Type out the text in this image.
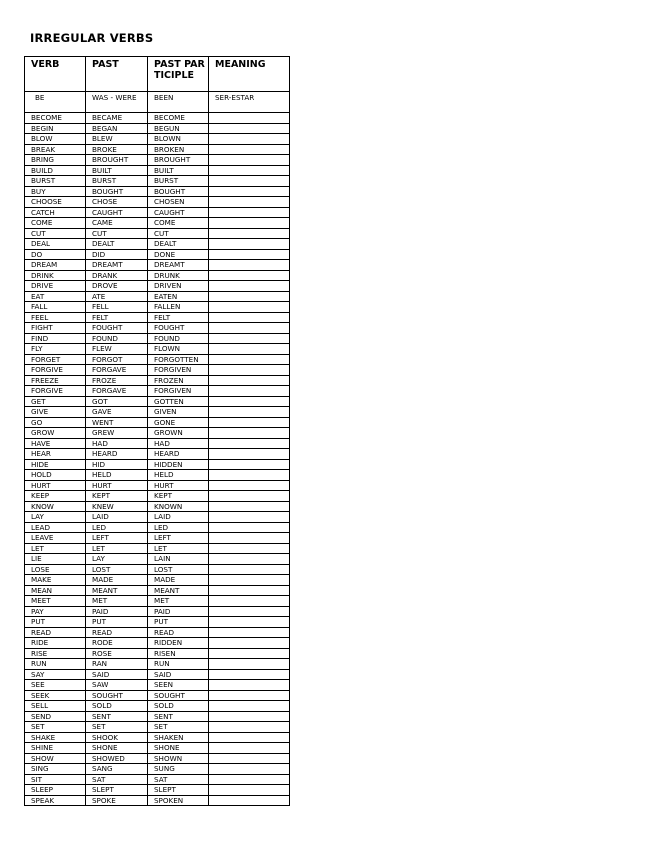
IRREGULAR VERBS
VERB	PAST	PAST PARTICIPLE	MEANING
BE	WAS - WERE	BEEN	SER-ESTAR
BECOME	BECAME	BECOME	
BEGIN	BEGAN	BEGUN	
BLOW	BLEW	BLOWN	
BREAK	BROKE	BROKEN	
BRING	BROUGHT	BROUGHT	
BUILD	BUILT	BUILT	
BURST	BURST	BURST	
BUY	BOUGHT	BOUGHT	
CHOOSE	CHOSE	CHOSEN	
CATCH	CAUGHT	CAUGHT	
COME	CAME	COME	
CUT	CUT	CUT	
DEAL	DEALT	DEALT	
DO	DID	DONE	
DREAM	DREAMT	DREAMT	
DRINK	DRANK	DRUNK	
DRIVE	DROVE	DRIVEN	
EAT	ATE	EATEN	
FALL	FELL	FALLEN	
FEEL	FELT	FELT	
FIGHT	FOUGHT	FOUGHT	
FIND	FOUND	FOUND	
FLY	FLEW	FLOWN	
FORGET	FORGOT	FORGOTTEN	
FORGIVE	FORGAVE	FORGIVEN	
FREEZE	FROZE	FROZEN	
FORGIVE	FORGAVE	FORGIVEN	
GET	GOT	GOTTEN	
GIVE	GAVE	GIVEN	
GO	WENT	GONE	
GROW	GREW	GROWN	
HAVE	HAD	HAD	
HEAR	HEARD	HEARD	
HIDE	HID	HIDDEN	
HOLD	HELD	HELD	
HURT	HURT	HURT	
KEEP	KEPT	KEPT	
KNOW	KNEW	KNOWN	
LAY	LAID	LAID	
LEAD	LED	LED	
LEAVE	LEFT	LEFT	
LET	LET	LET	
LIE	LAY	LAIN	
LOSE	LOST	LOST	
MAKE	MADE	MADE	
MEAN	MEANT	MEANT	
MEET	MET	MET	
PAY	PAID	PAID	
PUT	PUT	PUT	
READ	READ	READ	
RIDE	RODE	RIDDEN	
RISE	ROSE	RISEN	
RUN	RAN	RUN	
SAY	SAID	SAID	
SEE	SAW	SEEN	
SEEK	SOUGHT	SOUGHT	
SELL	SOLD	SOLD	
SEND	SENT	SENT	
SET	SET	SET	
SHAKE	SHOOK	SHAKEN	
SHINE	SHONE	SHONE	
SHOW	SHOWED	SHOWN	
SING	SANG	SUNG	
SIT	SAT	SAT	
SLEEP	SLEPT	SLEPT	
SPEAK	SPOKE	SPOKEN	
